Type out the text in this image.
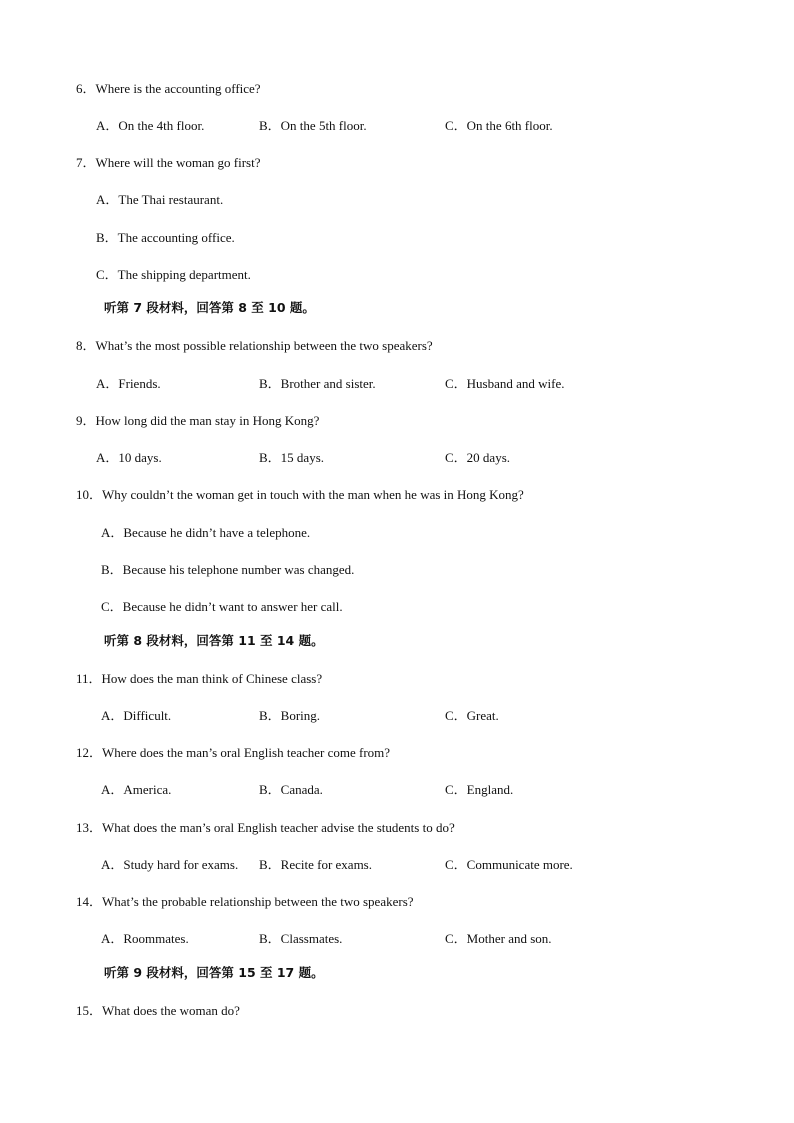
6．Where is the accounting office?
A．On the 4th floor.	B．On the 5th floor.	C．On the 6th floor.
7．Where will the woman go first?
A．The Thai restaurant.
B．The accounting office.
C．The shipping department.
听第 7 段材料，回答第 8 至 10 题。
8．What’s the most possible relationship between the two speakers?
A．Friends.	B．Brother and sister.	C．Husband and wife.
9．How long did the man stay in Hong Kong?
A．10 days.	B．15 days.	C．20 days.
10．Why couldn’t the woman get in touch with the man when he was in Hong Kong?
A．Because he didn’t have a telephone.
B．Because his telephone number was changed.
C．Because he didn’t want to answer her call.
听第 8 段材料，回答第 11 至 14 题。
11．How does the man think of Chinese class?
A．Difficult.	B．Boring.	C．Great.
12．Where does the man’s oral English teacher come from?
A．America.	B．Canada.	C．England.
13．What does the man’s oral English teacher advise the students to do?
A．Study hard for exams. B．Recite for exams.	C．Communicate more.
14．What’s the probable relationship between the two speakers?
A．Roommates.	B．Classmates.	C．Mother and son.
听第 9 段材料，回答第 15 至 17 题。
15．What does the woman do?
